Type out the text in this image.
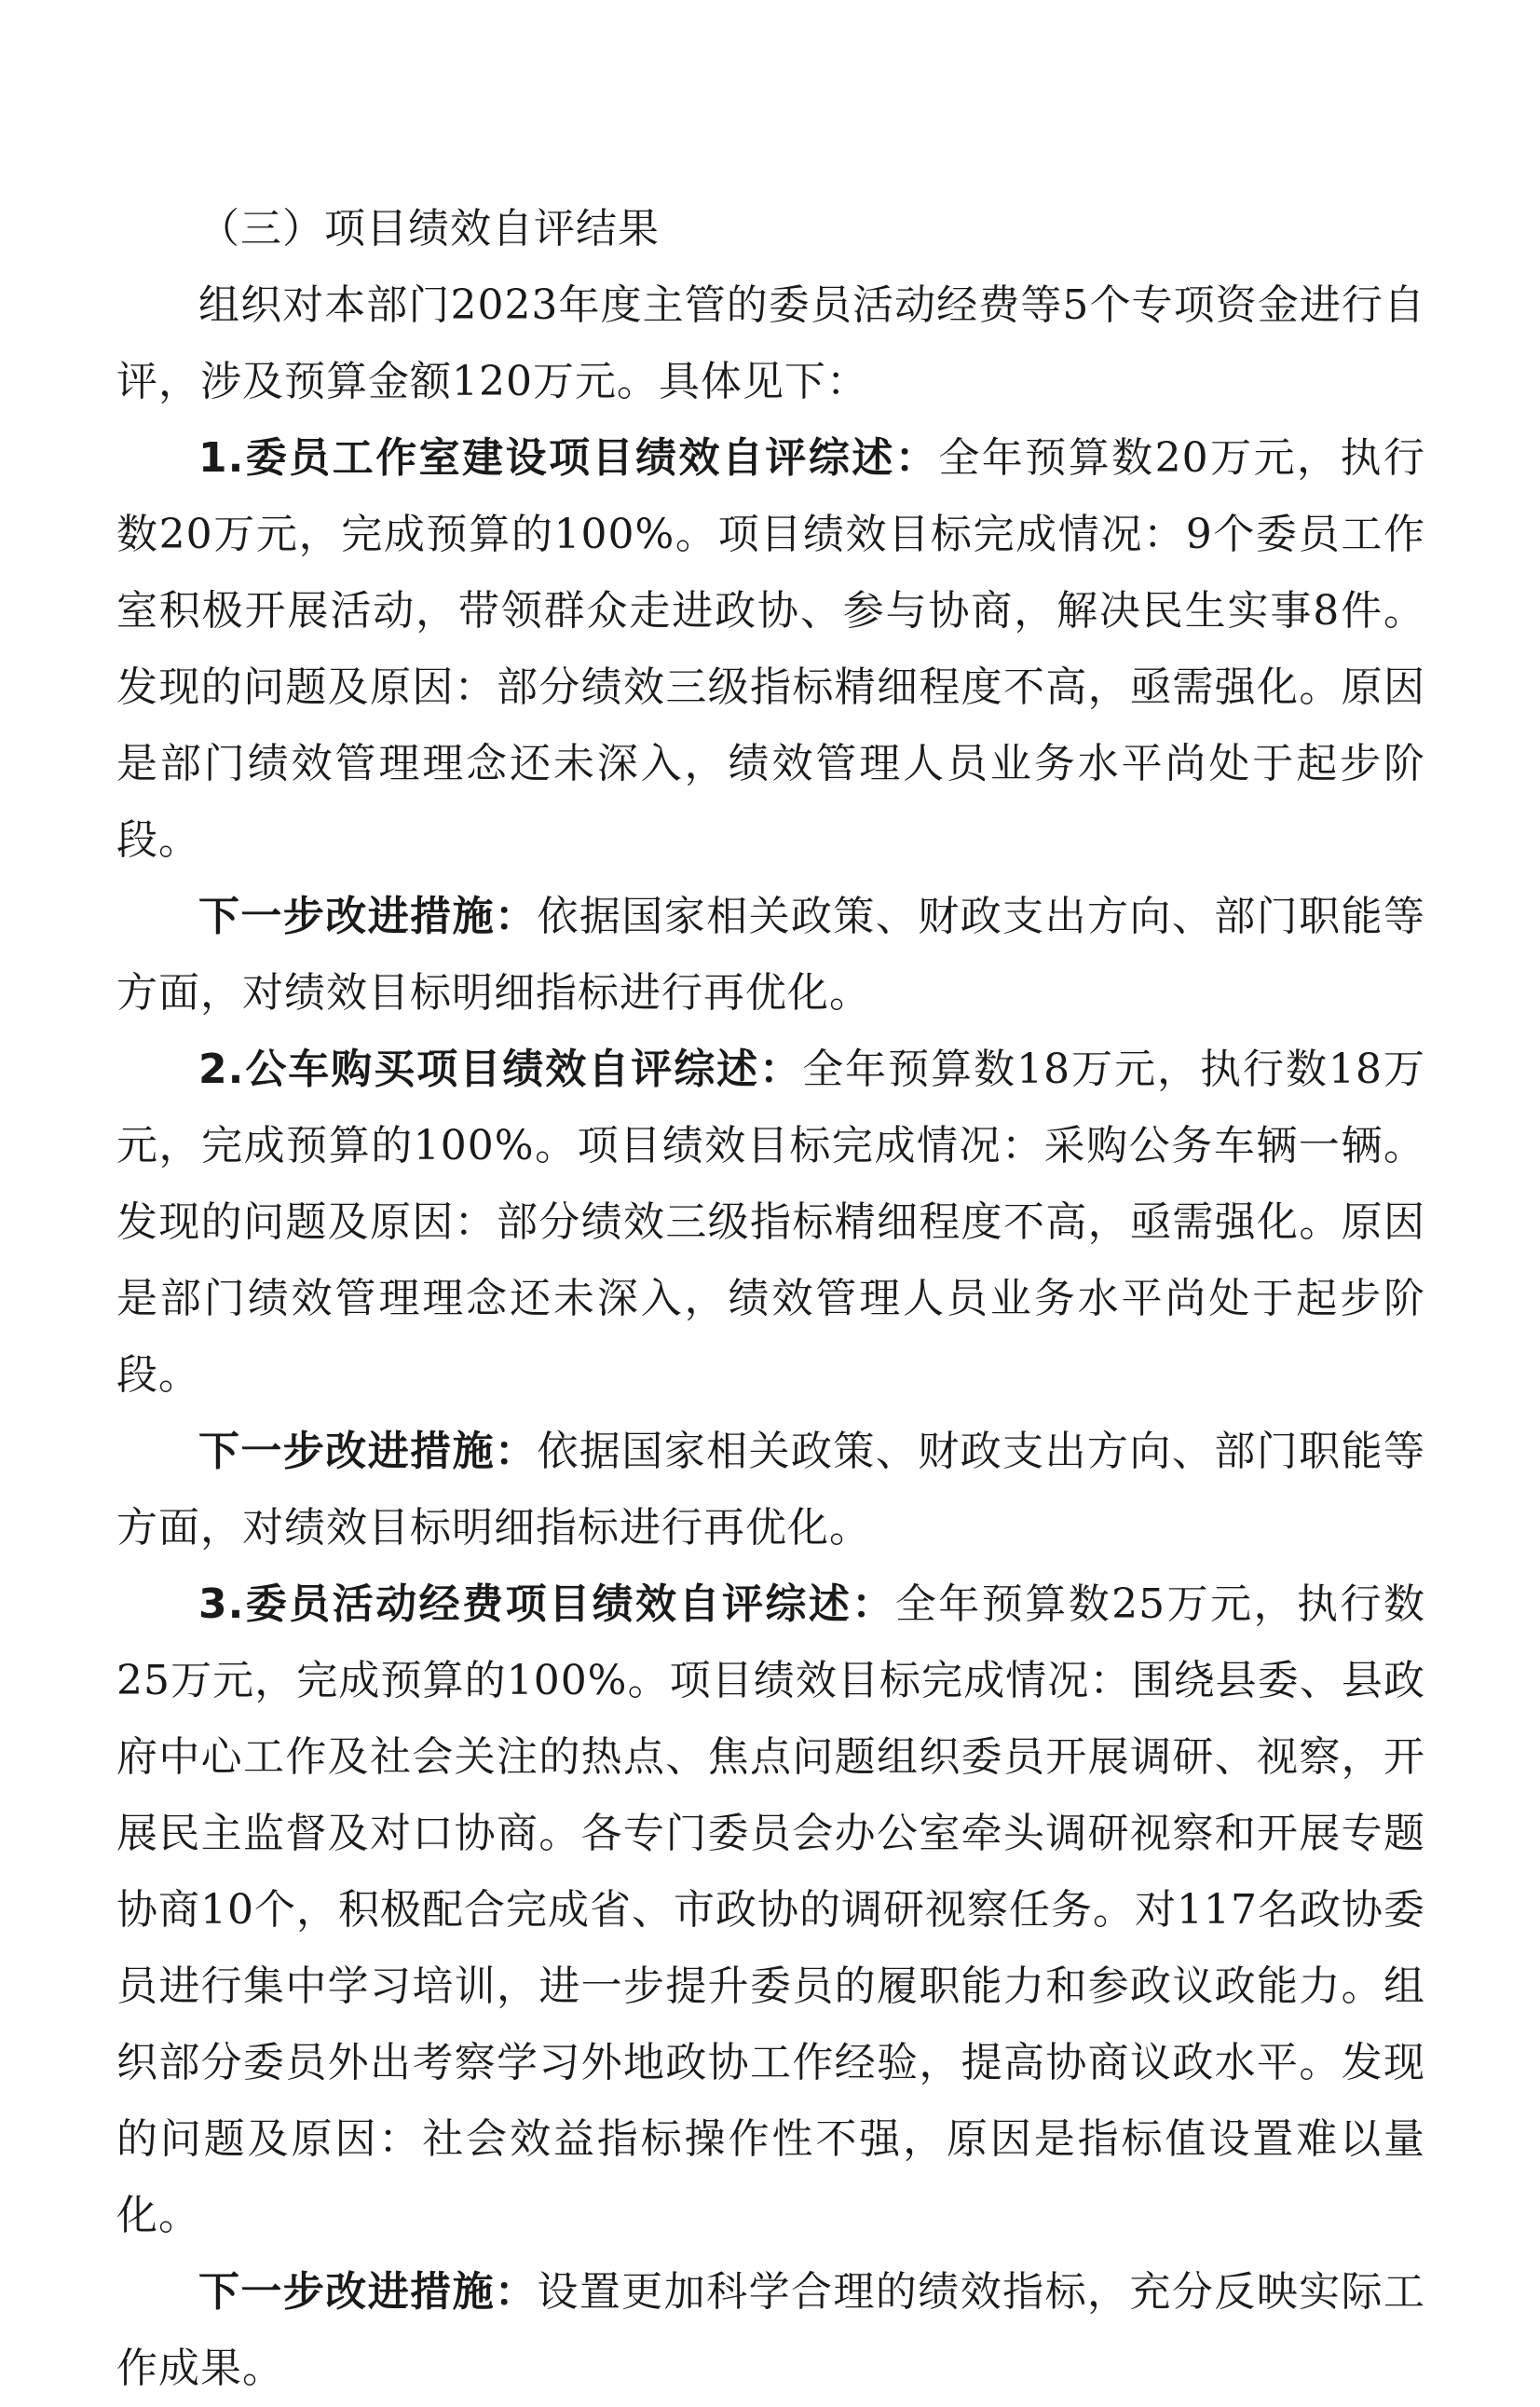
（三）项目绩效自评结果

组织对本部门2023年度主管的委员活动经费等5个专项资金进行自评，涉及预算金额120万元。具体见下：

1.委员工作室建设项目绩效自评综述：全年预算数20万元，执行数20万元，完成预算的100%。项目绩效目标完成情况：9个委员工作室积极开展活动，带领群众走进政协、参与协商，解决民生实事8件。发现的问题及原因：部分绩效三级指标精细程度不高，亟需强化。原因是部门绩效管理理念还未深入，绩效管理人员业务水平尚处于起步阶段。

下一步改进措施：依据国家相关政策、财政支出方向、部门职能等方面，对绩效目标明细指标进行再优化。

2.公车购买项目绩效自评综述：全年预算数18万元，执行数18万元，完成预算的100%。项目绩效目标完成情况：采购公务车辆一辆。发现的问题及原因：部分绩效三级指标精细程度不高，亟需强化。原因是部门绩效管理理念还未深入，绩效管理人员业务水平尚处于起步阶段。

下一步改进措施：依据国家相关政策、财政支出方向、部门职能等方面，对绩效目标明细指标进行再优化。

3.委员活动经费项目绩效自评综述：全年预算数25万元，执行数25万元，完成预算的100%。项目绩效目标完成情况：围绕县委、县政府中心工作及社会关注的热点、焦点问题组织委员开展调研、视察，开展民主监督及对口协商。各专门委员会办公室牵头调研视察和开展专题协商10个，积极配合完成省、市政协的调研视察任务。对117名政协委员进行集中学习培训，进一步提升委员的履职能力和参政议政能力。组织部分委员外出考察学习外地政协工作经验，提高协商议政水平。发现的问题及原因：社会效益指标操作性不强，原因是指标值设置难以量化。

下一步改进措施：设置更加科学合理的绩效指标，充分反映实际工作成果。
